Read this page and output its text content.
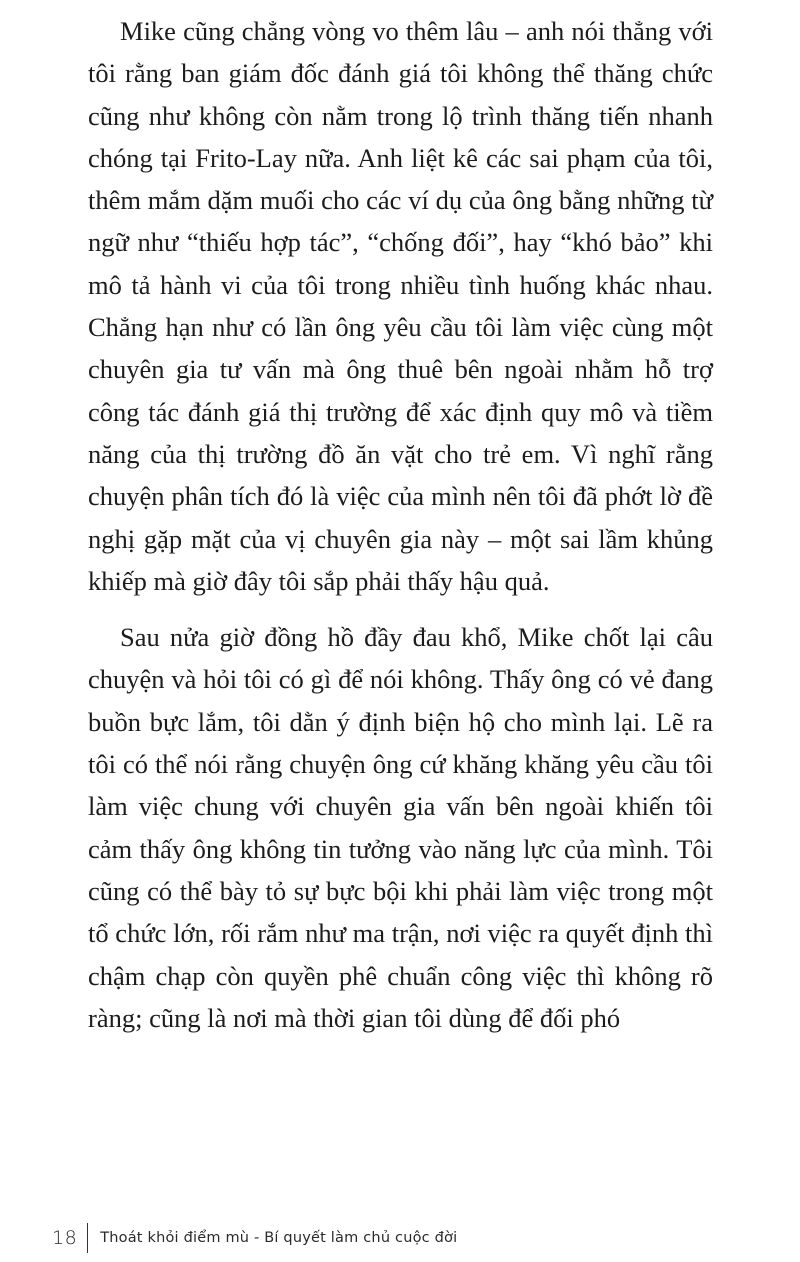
Mike cũng chẳng vòng vo thêm lâu – anh nói thẳng với tôi rằng ban giám đốc đánh giá tôi không thể thăng chức cũng như không còn nằm trong lộ trình thăng tiến nhanh chóng tại Frito-Lay nữa. Anh liệt kê các sai phạm của tôi, thêm mắm dặm muối cho các ví dụ của ông bằng những từ ngữ như “thiếu hợp tác”, “chống đối”, hay “khó bảo” khi mô tả hành vi của tôi trong nhiều tình huống khác nhau. Chẳng hạn như có lần ông yêu cầu tôi làm việc cùng một chuyên gia tư vấn mà ông thuê bên ngoài nhằm hỗ trợ công tác đánh giá thị trường để xác định quy mô và tiềm năng của thị trường đồ ăn vặt cho trẻ em. Vì nghĩ rằng chuyện phân tích đó là việc của mình nên tôi đã phớt lờ đề nghị gặp mặt của vị chuyên gia này – một sai lầm khủng khiếp mà giờ đây tôi sắp phải thấy hậu quả.

Sau nửa giờ đồng hồ đầy đau khổ, Mike chốt lại câu chuyện và hỏi tôi có gì để nói không. Thấy ông có vẻ đang buồn bực lắm, tôi dằn ý định biện hộ cho mình lại. Lẽ ra tôi có thể nói rằng chuyện ông cứ khăng khăng yêu cầu tôi làm việc chung với chuyên gia vấn bên ngoài khiến tôi cảm thấy ông không tin tưởng vào năng lực của mình. Tôi cũng có thể bày tỏ sự bực bội khi phải làm việc trong một tổ chức lớn, rối rắm như ma trận, nơi việc ra quyết định thì chậm chạp còn quyền phê chuẩn công việc thì không rõ ràng; cũng là nơi mà thời gian tôi dùng để đối phó

18 Thoát khỏi điểm mù - Bí quyết làm chủ cuộc đời
